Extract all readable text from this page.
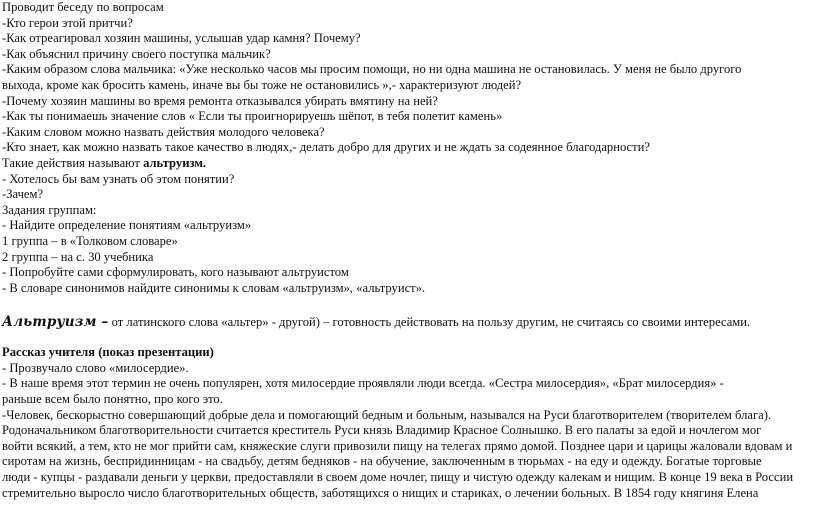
Проводит беседу по вопросам
-Кто герои этой притчи?
-Как отреагировал хозяин машины, услышав удар камня? Почему?
-Как объяснил причину своего поступка мальчик?
-Каким образом слова мальчика: «Уже несколько часов мы просим помощи, но ни одна машина не остановилась. У меня не было другого
выхода, кроме как бросить камень, иначе вы бы тоже не остановились »,- характеризуют людей?
-Почему хозяин машины во время ремонта отказывался убирать вмятину на ней?
-Как ты понимаешь значение слов « Если ты проигнорируешь шёпот, в тебя полетит камень»
-Каким словом можно назвать действия молодого человека?
-Кто знает, как можно назвать такое качество в людях,- делать добро для других и не ждать за содеянное благодарности?
Такие действия называют альтруизм.
- Хотелось бы вам узнать об этом понятии?
-Зачем?
Задания группам:
- Найдите определение понятиям «альтруизм»
1 группа – в «Толковом словаре»
2 группа – на с. 30 учебника
- Попробуйте сами сформулировать, кого называют альтруистом
- В словаре синонимов найдите синонимы к словам «альтруизм», «альтруист».
Альтруизм – от латинского слова «альтер» - другой) – готовность действовать на пользу другим, не считаясь со своими интересами.
Рассказ учителя (показ презентации)
- Прозвучало слово «милосердие».
- В наше время этот термин не очень популярен, хотя милосердие проявляли люди всегда. «Сестра милосердия», «Брат милосердия» -
раньше всем было понятно, про кого это.
-Человек, бескорыстно совершающий добрые дела и помогающий бедным и больным, назывался на Руси благотворителем (творителем блага).
Родоначальником благотворительности считается креститель Руси князь Владимир Красное Солнышко. В его палаты за едой и ночлегом мог
войти всякий, а тем, кто не мог прийти сам, княжеские слуги привозили пищу на телегах прямо домой. Позднее цари и царицы жаловали вдовам и
сиротам на жизнь, беспридинницам - на свадьбу, детям бедняков - на обучение, заключенным в тюрьмах - на еду и одежду. Богатые торговые
люди - купцы - раздавали деньги у церкви, предоставляли в своем доме ночлег, пищу и чистую одежду калекам и нищим. В конце 19 века в России
стремительно выросло число благотворительных обществ, заботящихся о нищих и стариках, о лечении больных. В 1854 году княгиня Елена
